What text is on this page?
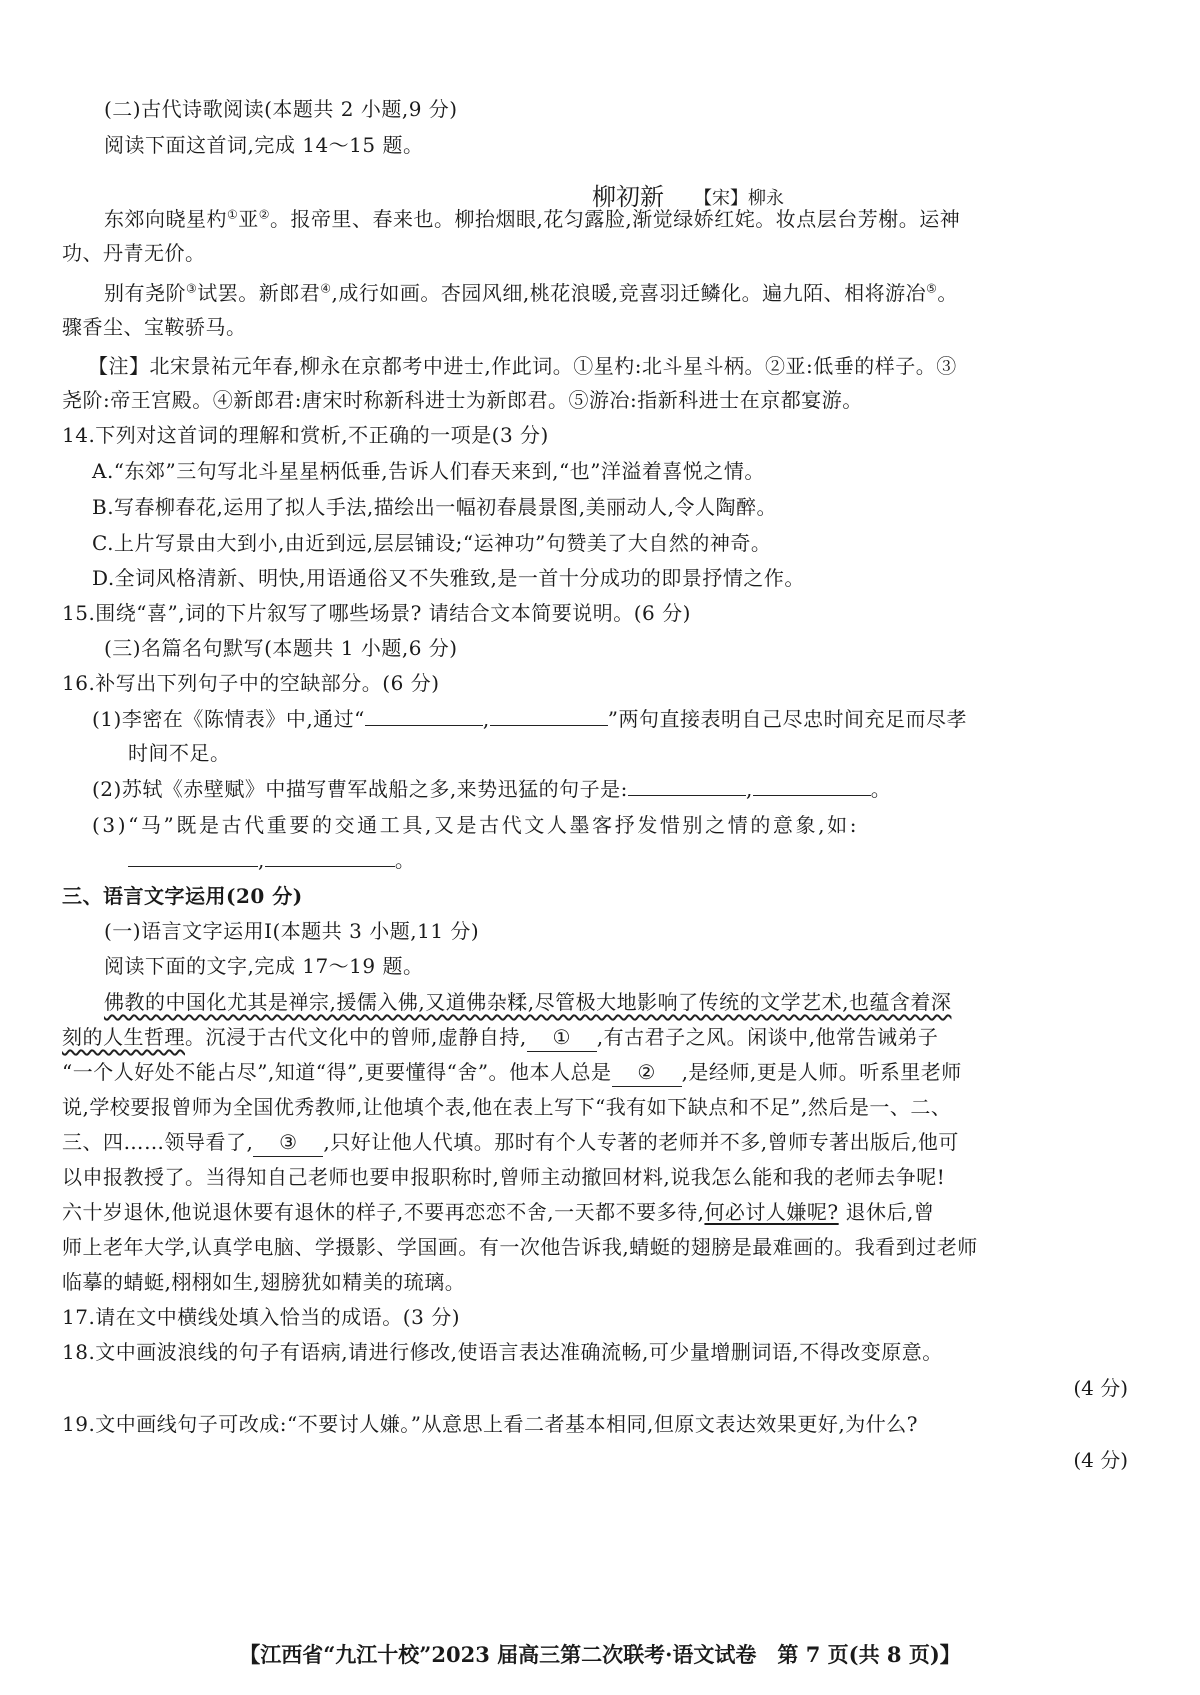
(二)古代诗歌阅读(本题共 2 小题,9 分)
阅读下面这首词,完成 14～15 题。
柳初新 【宋】柳永
东郊向晓星杓①亚②。报帝里、春来也。柳抬烟眼,花匀露脸,渐觉绿娇红姹。妆点层台芳榭。运神
功、丹青无价。
别有尧阶③试罢。新郎君④,成行如画。杏园风细,桃花浪暖,竞喜羽迁鳞化。遍九陌、相将游冶⑤。
骤香尘、宝鞍骄马。
【注】北宋景祐元年春,柳永在京都考中进士,作此词。①星杓:北斗星斗柄。②亚:低垂的样子。③
尧阶:帝王宫殿。④新郎君:唐宋时称新科进士为新郎君。⑤游冶:指新科进士在京都宴游。
14.下列对这首词的理解和赏析,不正确的一项是(3 分)
A.“东郊”三句写北斗星星柄低垂,告诉人们春天来到,“也”洋溢着喜悦之情。
B.写春柳春花,运用了拟人手法,描绘出一幅初春晨景图,美丽动人,令人陶醉。
C.上片写景由大到小,由近到远,层层铺设;“运神功”句赞美了大自然的神奇。
D.全词风格清新、明快,用语通俗又不失雅致,是一首十分成功的即景抒情之作。
15.围绕“喜”,词的下片叙写了哪些场景? 请结合文本简要说明。(6 分)
(三)名篇名句默写(本题共 1 小题,6 分)
16.补写出下列句子中的空缺部分。(6 分)
(1)李密在《陈情表》中,通过“	,	”两句直接表明自己尽忠时间充足而尽孝
时间不足。
(2)苏轼《赤壁赋》中描写曹军战船之多,来势迅猛的句子是:	,	。
(3)“马”既是古代重要的交通工具,又是古代文人墨客抒发惜别之情的意象,如:
,	。
三、语言文字运用(20 分)
(一)语言文字运用Ⅰ(本题共 3 小题,11 分)
阅读下面的文字,完成 17～19 题。
佛教的中国化尤其是禅宗,援儒入佛,又道佛杂糅,尽管极大地影响了传统的文学艺术,也蕴含着深
刻的人生哲理。沉浸于古代文化中的曾师,虚静自持, ① ,有古君子之风。闲谈中,他常告诫弟子
“一个人好处不能占尽”,知道“得”,更要懂得“舍”。他本人总是 ② ,是经师,更是人师。听系里老师
说,学校要报曾师为全国优秀教师,让他填个表,他在表上写下“我有如下缺点和不足”,然后是一、二、
三、四……领导看了, ③ ,只好让他人代填。那时有个人专著的老师并不多,曾师专著出版后,他可
以申报教授了。当得知自己老师也要申报职称时,曾师主动撤回材料,说我怎么能和我的老师去争呢!
六十岁退休,他说退休要有退休的样子,不要再恋恋不舍,一天都不要多待,何必讨人嫌呢? 退休后,曾
师上老年大学,认真学电脑、学摄影、学国画。有一次他告诉我,蜻蜓的翅膀是最难画的。我看到过老师
临摹的蜻蜓,栩栩如生,翅膀犹如精美的琉璃。
17.请在文中横线处填入恰当的成语。(3 分)
18.文中画波浪线的句子有语病,请进行修改,使语言表达准确流畅,可少量增删词语,不得改变原意。
(4 分)
19.文中画线句子可改成:“不要讨人嫌。”从意思上看二者基本相同,但原文表达效果更好,为什么?
(4 分)
【江西省“九江十校”2023 届高三第二次联考·语文试卷　第 7 页(共 8 页)】
